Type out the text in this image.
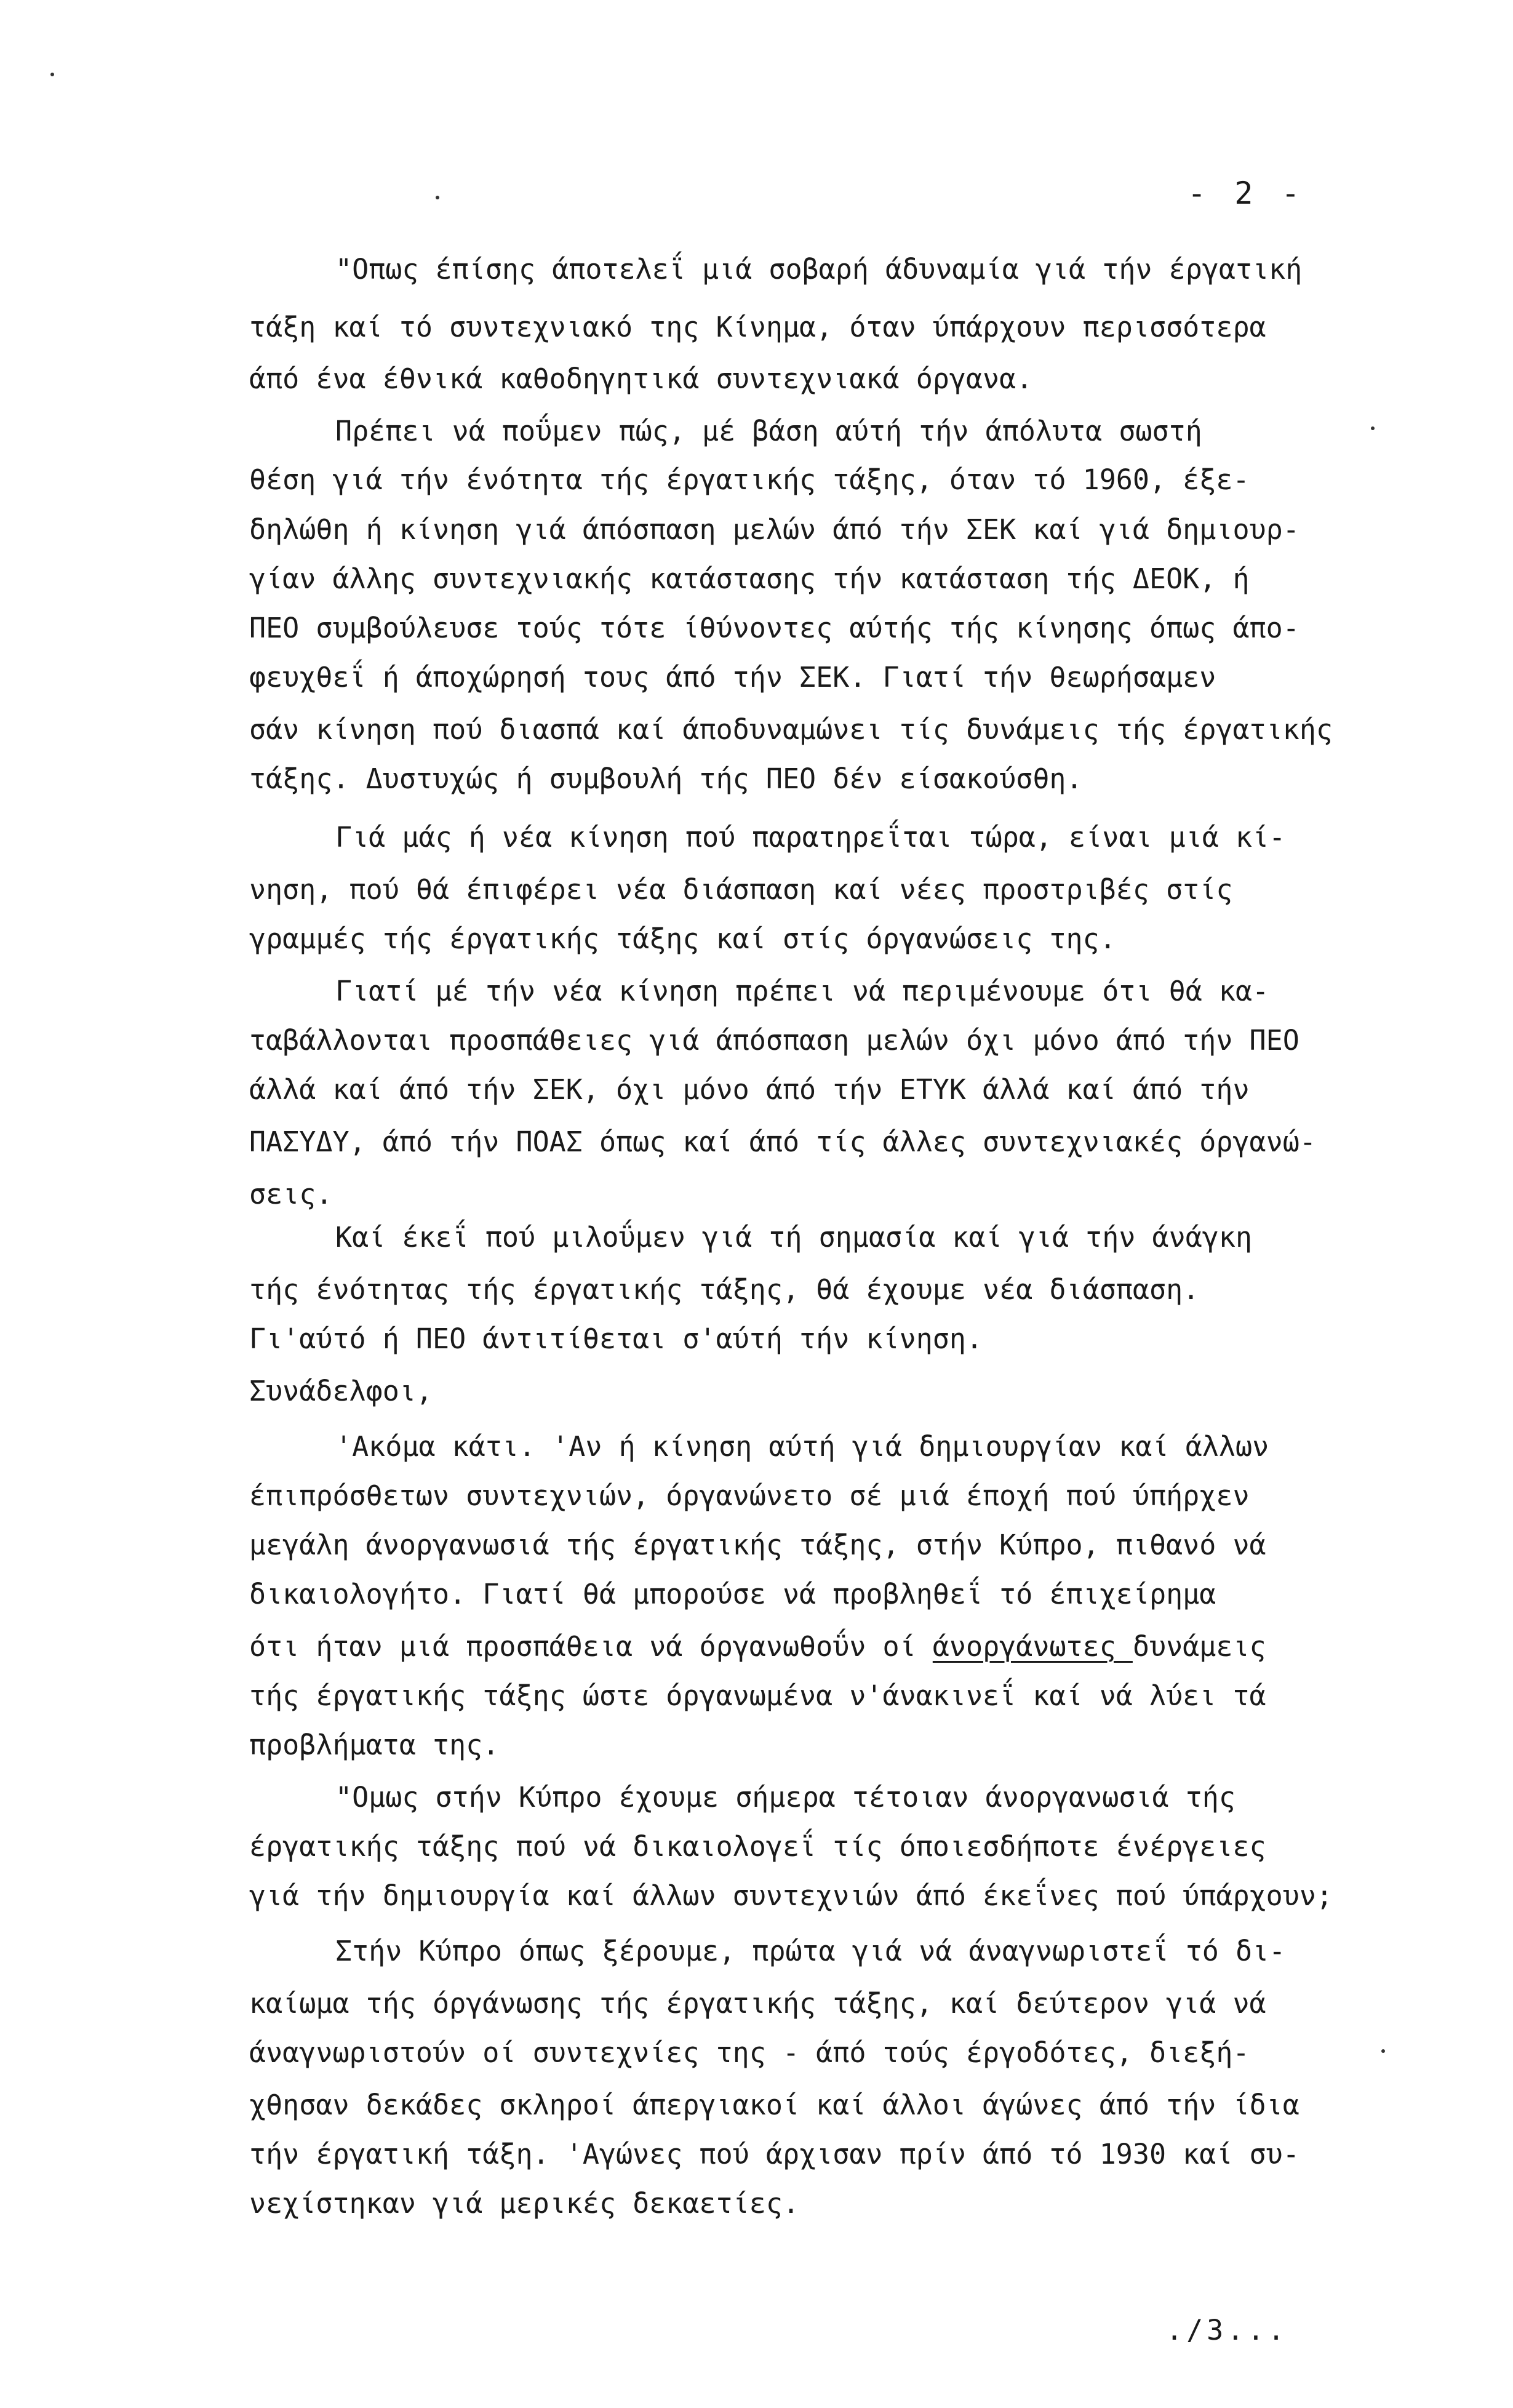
- 2 -
"Οπως έπίσης άποτελεΐ μιά σοβαρή άδυναμία γιά τήν έργατική
τάξη καί τό συντεχνιακό της Κίνημα, όταν ύπάρχουν περισσότερα
άπό ένα έθνικά καθοδηγητικά συντεχνιακά όργανα.
Πρέπει νά ποΰμεν πώς, μέ βάση αύτή τήν άπόλυτα σωστή
θέση γιά τήν ένότητα τής έργατικής τάξης, όταν τό 1960, έξε-
δηλώθη ή κίνηση γιά άπόσπαση μελών άπό τήν ΣΕΚ καί γιά δημιουρ-
γίαν άλλης συντεχνιακής κατάστασης τήν κατάσταση τής ΔΕΟΚ, ή
ΠΕΟ συμβούλευσε τούς τότε ίθύνοντες αύτής τής κίνησης όπως άπο-
φευχθεΐ ή άποχώρησή τους άπό τήν ΣΕΚ. Γιατί τήν θεωρήσαμεν
σάν κίνηση πού διασπά καί άποδυναμώνει τίς δυνάμεις τής έργατικής
τάξης. Δυστυχώς ή συμβουλή τής ΠΕΟ δέν είσακούσθη.
Γιά μάς ή νέα κίνηση πού παρατηρεΐται τώρα, είναι μιά κί-
νηση, πού θά έπιφέρει νέα διάσπαση καί νέες προστριβές στίς
γραμμές τής έργατικής τάξης καί στίς όργανώσεις της.
Γιατί μέ τήν νέα κίνηση πρέπει νά περιμένουμε ότι θά κα-
ταβάλλονται προσπάθειες γιά άπόσπαση μελών όχι μόνο άπό τήν ΠΕΟ
άλλά καί άπό τήν ΣΕΚ, όχι μόνο άπό τήν ΕΤΥΚ άλλά καί άπό τήν
ΠΑΣΥΔΥ, άπό τήν ΠΟΑΣ όπως καί άπό τίς άλλες συντεχνιακές όργανώ-
σεις.
Καί έκεΐ πού μιλοΰμεν γιά τή σημασία καί γιά τήν άνάγκη
τής ένότητας τής έργατικής τάξης, θά έχουμε νέα διάσπαση.
Γι'αύτό ή ΠΕΟ άντιτίθεται σ'αύτή τήν κίνηση.
Συνάδελφοι,
'Ακόμα κάτι. 'Αν ή κίνηση αύτή γιά δημιουργίαν καί άλλων
έπιπρόσθετων συντεχνιών, όργανώνετο σέ μιά έποχή πού ύπήρχεν
μεγάλη άνοργανωσιά τής έργατικής τάξης, στήν Κύπρο, πιθανό νά
δικαιολογήτο. Γιατί θά μπορούσε νά προβληθεΐ τό έπιχείρημα
ότι ήταν μιά προσπάθεια νά όργανωθοΰν οί άνοργάνωτες δυνάμεις
τής έργατικής τάξης ώστε όργανωμένα ν'άνακινεΐ καί νά λύει τά
προβλήματα της.
"Ομως στήν Κύπρο έχουμε σήμερα τέτοιαν άνοργανωσιά τής
έργατικής τάξης πού νά δικαιολογεΐ τίς όποιεσδήποτε ένέργειες
γιά τήν δημιουργία καί άλλων συντεχνιών άπό έκεΐνες πού ύπάρχουν;
Στήν Κύπρο όπως ξέρουμε, πρώτα γιά νά άναγνωριστεΐ τό δι-
καίωμα τής όργάνωσης τής έργατικής τάξης, καί δεύτερον γιά νά
άναγνωριστούν οί συντεχνίες της - άπό τούς έργοδότες, διεξή-
χθησαν δεκάδες σκληροί άπεργιακοί καί άλλοι άγώνες άπό τήν ίδια
τήν έργατική τάξη. 'Αγώνες πού άρχισαν πρίν άπό τό 1930 καί συ-
νεχίστηκαν γιά μερικές δεκαετίες.
./3...
